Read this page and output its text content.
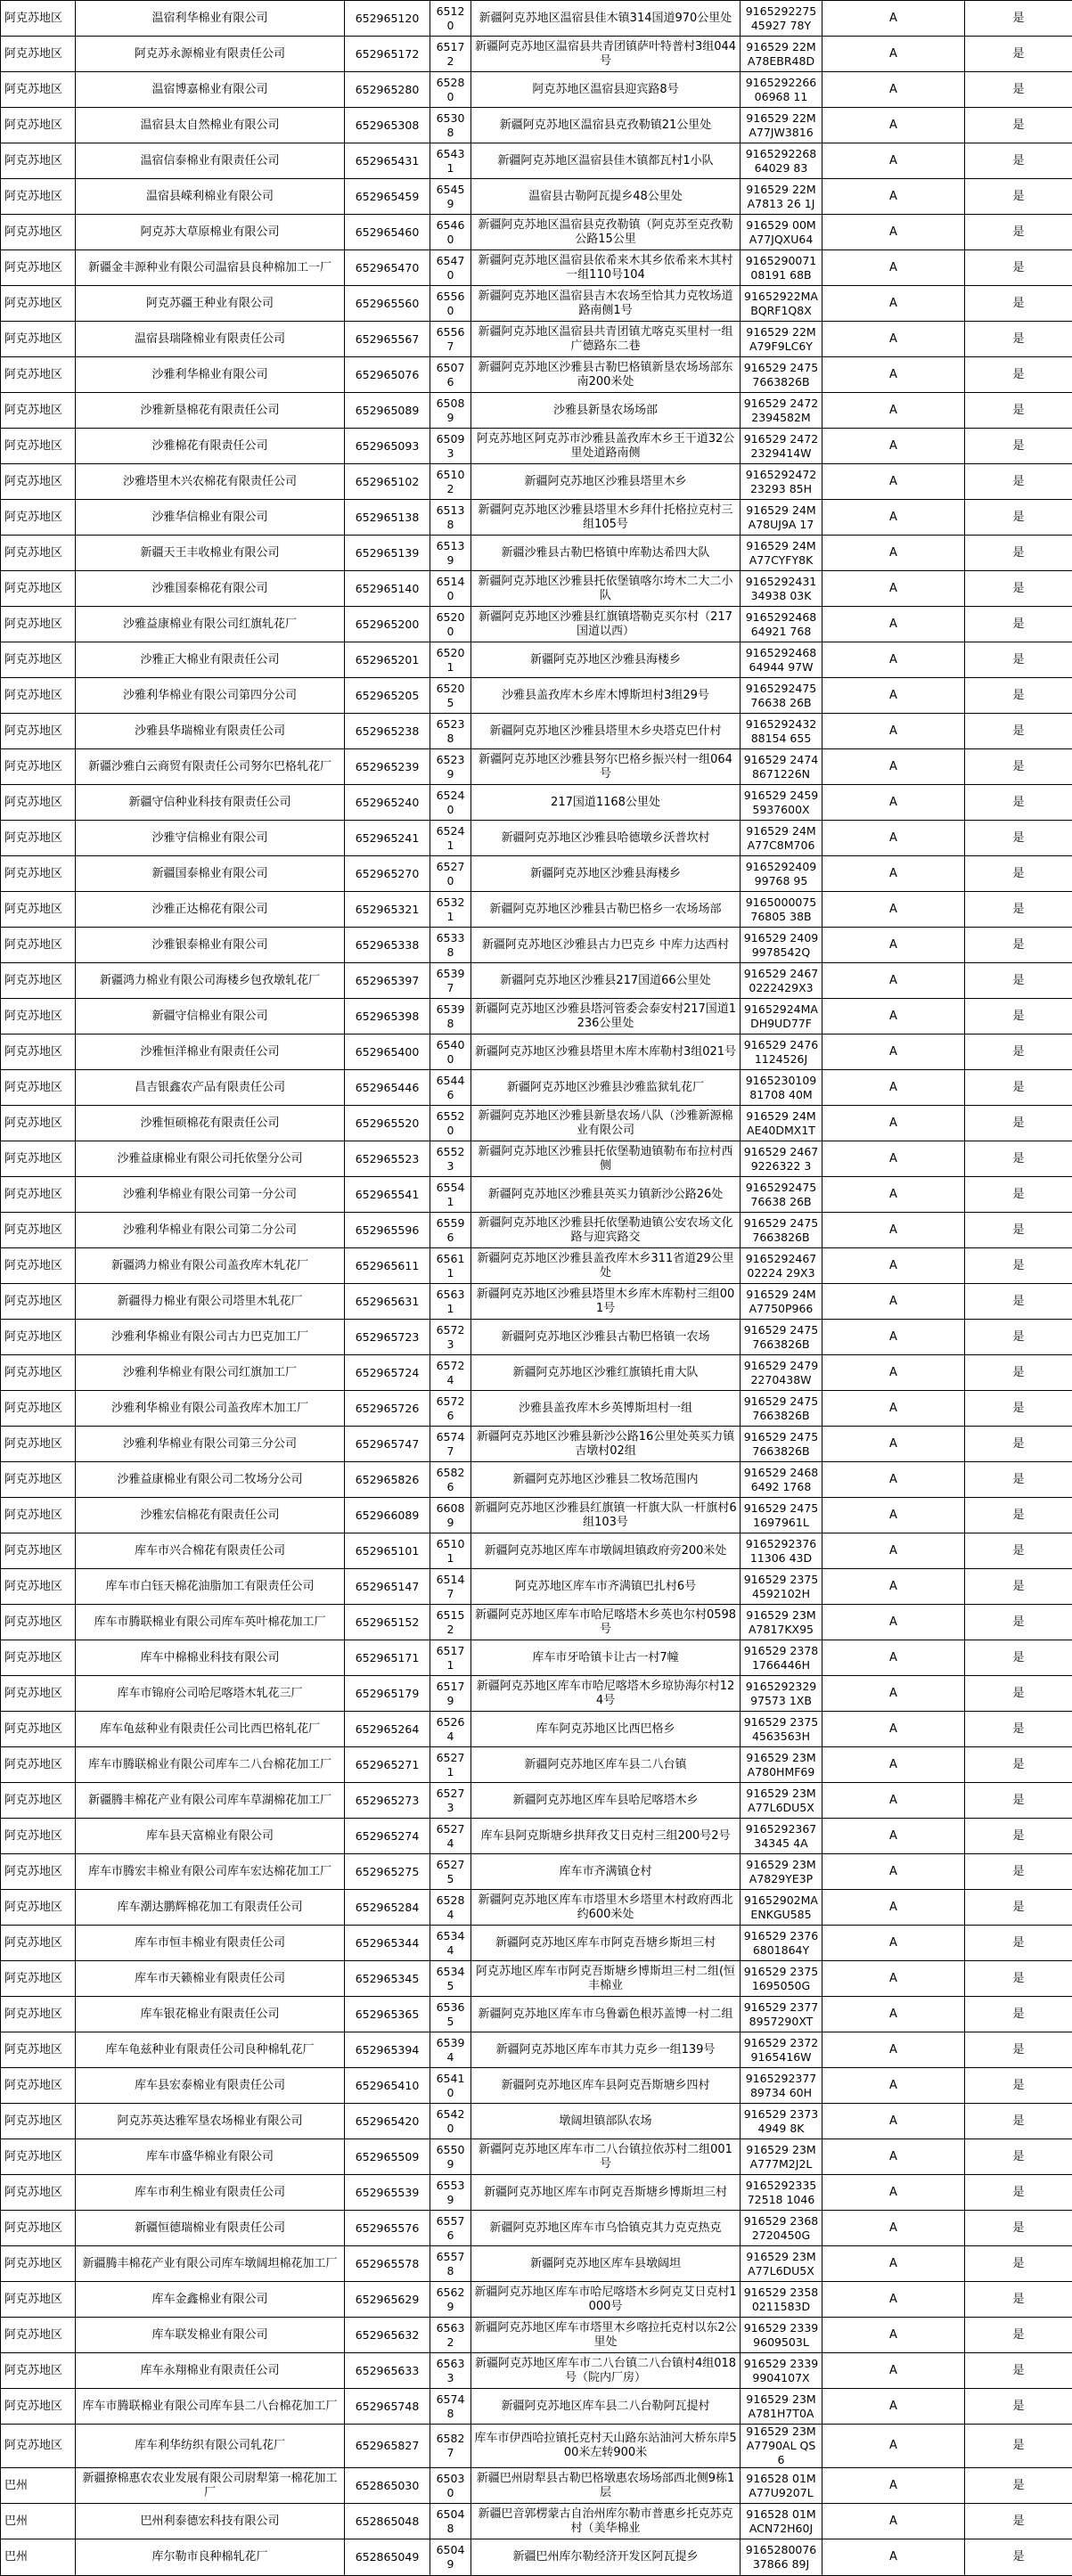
阿克苏地区	温宿利华棉业有限公司	652965120	65120	新疆阿克苏地区温宿县佳木镇314国道970公里处	916529227545927 78Y	A	是
阿克苏地区	阿克苏永源棉业有限责任公司	652965172	65172	新疆阿克苏地区温宿县共青团镇萨叶特普村3组044号	916529 22MA78EBR48D	A	是
阿克苏地区	温宿博嘉棉业有限公司	652965280	65280	阿克苏地区温宿县迎宾路8号	916529226606968 11	A	是
阿克苏地区	温宿县太自然棉业有限公司	652965308	65308	新疆阿克苏地区温宿县克孜勒镇21公里处	916529 22MA77JW3816	A	是
阿克苏地区	温宿信泰棉业有限责任公司	652965431	65431	新疆阿克苏地区温宿县佳木镇都瓦村1小队	916529226864029 83	A	是
阿克苏地区	温宿县嵘利棉业有限公司	652965459	65459	温宿县古勒阿瓦提乡48公里处	916529 22MA7813 26 1J	A	是
阿克苏地区	阿克苏大草原棉业有限公司	652965460	65460	新疆阿克苏地区温宿县克孜勒镇（阿克苏至克孜勒公路15公里	916529 00MA77JQXU64	A	是
阿克苏地区	新疆金丰源种业有限公司温宿县良种棉加工一厂	652965470	65470	新疆阿克苏地区温宿县依希来木其乡依希来木其村一组110号104	916529007108191 68B	A	是
阿克苏地区	阿克苏疆王种业有限公司	652965560	65560	新疆阿克苏地区温宿县吉木农场至恰其力克牧场道路南侧1号	91652922MABQRF1Q8X	A	是
阿克苏地区	温宿县瑞隆棉业有限责任公司	652965567	65567	新疆阿克苏地区温宿县共青团镇尤喀克买里村一组广德路东二巷	916529 22MA79F9LC6Y	A	是
阿克苏地区	沙雅利华棉业有限公司	652965076	65076	新疆阿克苏地区沙雅县古勒巴格镇新垦农场场部东南200米处	916529 24757663826B	A	是
阿克苏地区	沙雅新垦棉花有限责任公司	652965089	65089	沙雅县新垦农场场部	916529 24722394582M	A	是
阿克苏地区	沙雅棉花有限责任公司	652965093	65093	阿克苏地区阿克苏市沙雅县盖孜库木乡王干道32公里处道路南侧	916529 24722329414W	A	是
阿克苏地区	沙雅塔里木兴农棉花有限责任公司	652965102	65102	新疆阿克苏地区沙雅县塔里木乡	916529247223293 85H	A	是
阿克苏地区	沙雅华信棉业有限公司	652965138	65138	新疆阿克苏地区沙雅县塔里木乡拜什托格拉克村三组105号	916529 24MA78UJ9A 17	A	是
阿克苏地区	新疆天王丰收棉业有限公司	652965139	65139	新疆沙雅县古勒巴格镇中库勒达希四大队	916529 24MA77CYFY8K	A	是
阿克苏地区	沙雅国泰棉花有限公司	652965140	65140	新疆阿克苏地区沙雅县托依堡镇喀尔垮木二大二小队	916529243134938 03K	A	是
阿克苏地区	沙雅益康棉业有限公司红旗轧花厂	652965200	65200	新疆阿克苏地区沙雅县红旗镇塔勒克买尔村（217国道以西）	916529246864921 768	A	是
阿克苏地区	沙雅正大棉业有限责任公司	652965201	65201	新疆阿克苏地区沙雅县海楼乡	916529246864944 97W	A	是
阿克苏地区	沙雅利华棉业有限公司第四分公司	652965205	65205	沙雅县盖孜库木乡库木博斯坦村3组29号	916529247576638 26B	A	是
阿克苏地区	沙雅县华瑞棉业有限责任公司	652965238	65238	新疆阿克苏地区沙雅县塔里木乡央塔克巴什村	916529243288154 655	A	是
阿克苏地区	新疆沙雅白云商贸有限责任公司努尔巴格轧花厂	652965239	65239	新疆阿克苏地区沙雅县努尔巴格乡振兴村一组064号	916529 24748671226N	A	是
阿克苏地区	新疆守信种业科技有限责任公司	652965240	65240	217国道1168公里处	916529 24595937600X	A	是
阿克苏地区	沙雅守信棉业有限公司	652965241	65241	新疆阿克苏地区沙雅县哈德墩乡沃普坎村	916529 24MA77C8M706	A	是
阿克苏地区	新疆国泰棉业有限公司	652965270	65270	新疆阿克苏地区沙雅县海楼乡	916529240999768 95	A	是
阿克苏地区	沙雅正达棉花有限公司	652965321	65321	新疆阿克苏地区沙雅县古勒巴格乡一农场场部	916500007576805 38B	A	是
阿克苏地区	沙雅银泰棉业有限公司	652965338	65338	新疆阿克苏地区沙雅县古力巴克乡 中库力达西村	916529 24099978542Q	A	是
阿克苏地区	新疆鸿力棉业有限公司海楼乡包孜墩轧花厂	652965397	65397	新疆阿克苏地区沙雅县217国道66公里处	916529 24670222429X3	A	是
阿克苏地区	新疆守信棉业有限公司	652965398	65398	新疆阿克苏地区沙雅县塔河管委会泰安村217国道1236公里处	91652924MADH9UD77F	A	是
阿克苏地区	沙雅恒洋棉业有限责任公司	652965400	65400	新疆阿克苏地区沙雅县塔里木库木库勒村3组021号	916529 24761124526J	A	是
阿克苏地区	昌吉银鑫农产品有限责任公司	652965446	65446	新疆阿克苏地区沙雅县沙雅监狱轧花厂	916523010981708 40M	A	是
阿克苏地区	沙雅恒硕棉花有限责任公司	652965520	65520	新疆阿克苏地区沙雅县新垦农场八队（沙雅新源棉业有限公司	916529 24MAE40DMX1T	A	是
阿克苏地区	沙雅益康棉业有限公司托依堡分公司	652965523	65523	新疆阿克苏地区沙雅县托依堡勒迪镇勒布布拉村西侧	916529 24679226322 3	A	是
阿克苏地区	沙雅利华棉业有限公司第一分公司	652965541	65541	新疆阿克苏地区沙雅县英买力镇新沙公路26处	916529247576638 26B	A	是
阿克苏地区	沙雅利华棉业有限公司第二分公司	652965596	65596	新疆阿克苏地区沙雅县托依堡勒迪镇公安农场文化路与迎宾路交	916529 24757663826B	A	是
阿克苏地区	新疆鸿力棉业有限公司盖孜库木轧花厂	652965611	65611	新疆阿克苏地区沙雅县盖孜库木乡311省道29公里处	916529246702224 29X3	A	是
阿克苏地区	新疆得力棉业有限公司塔里木轧花厂	652965631	65631	新疆阿克苏地区沙雅县塔里木乡库木库勒村三组001号	916529 24MA7750P966	A	是
阿克苏地区	沙雅利华棉业有限公司古力巴克加工厂	652965723	65723	新疆阿克苏地区沙雅县古勒巴格镇一农场	916529 24757663826B	A	是
阿克苏地区	沙雅利华棉业有限公司红旗加工厂	652965724	65724	新疆阿克苏地区沙雅红旗镇托甫大队	916529 24792270438W	A	是
阿克苏地区	沙雅利华棉业有限公司盖孜库木加工厂	652965726	65726	沙雅县盖孜库木乡英博斯坦村一组	916529 24757663826B	A	是
阿克苏地区	沙雅利华棉业有限公司第三分公司	652965747	65747	新疆阿克苏地区沙雅县新沙公路16公里处英买力镇吉墩村02组	916529 24757663826B	A	是
阿克苏地区	沙雅益康棉业有限公司二牧场分公司	652965826	65826	新疆阿克苏地区沙雅县二牧场范围内	916529 24686492 1768	A	是
阿克苏地区	沙雅宏信棉花有限责任公司	652966089	66089	新疆阿克苏地区沙雅县红旗镇一杆旗大队一杆旗村6组103号	916529 24751697961L	A	是
阿克苏地区	库车市兴合棉花有限责任公司	652965101	65101	新疆阿克苏地区库车市墩阔坦镇政府旁200米处	916529237611306 43D	A	是
阿克苏地区	库车市白钰天棉花油脂加工有限责任公司	652965147	65147	阿克苏地区库车市齐满镇巴扎村6号	916529 23754592102H	A	是
阿克苏地区	库车市腾联棉业有限公司库车英叶棉花加工厂	652965152	65152	新疆阿克苏地区库车市哈尼喀塔木乡英也尔村0598号	916529 23MA7817KX95	A	是
阿克苏地区	库车中棉棉业科技有限公司	652965171	65171	库车市牙哈镇卡让古一村7幢	916529 23781766446H	A	是
阿克苏地区	库车市锦府公司哈尼喀塔木轧花三厂	652965179	65179	新疆阿克苏地区库车市哈尼喀塔木乡琼协海尔村124号	916529232997573 1XB	A	是
阿克苏地区	库车龟兹种业有限责任公司比西巴格轧花厂	652965264	65264	库车阿克苏地区比西巴格乡	916529 23754563563H	A	是
阿克苏地区	库车市腾联棉业有限公司库车二八台棉花加工厂	652965271	65271	新疆阿克苏地区库车县二八台镇	916529 23MA780HMF69	A	是
阿克苏地区	新疆腾丰棉花产业有限公司库车草湖棉花加工厂	652965273	65273	新疆阿克苏地区库车县哈尼喀塔木乡	916529 23MA77L6DU5X	A	是
阿克苏地区	库车县天富棉业有限公司	652965274	65274	库车县阿克斯塘乡拱拜孜艾日克村三组200号2号	916529236734345 4A	A	是
阿克苏地区	库车市腾宏丰棉业有限公司库车宏达棉花加工厂	652965275	65275	库车市齐满镇仓村	916529 23MA7829YE3P	A	是
阿克苏地区	库车潮达鹏辉棉花加工有限责任公司	652965284	65284	新疆阿克苏地区库车市塔里木乡塔里木村政府西北约600米处	91652902MAENKGU585	A	是
阿克苏地区	库车市恒丰棉业有限责任公司	652965344	65344	新疆阿克苏地区库车市阿克吾塘乡斯坦三村	916529 23766801864Y	A	是
阿克苏地区	库车市天籁棉业有限责任公司	652965345	65345	阿克苏地区库车市阿克吾斯塘乡博斯坦三村二组(恒丰棉业	916529 23751695050G	A	是
阿克苏地区	库车银花棉业有限责任公司	652965365	65365	新疆阿克苏地区库车市乌鲁霸色根苏盖博一村二组	916529 23778957290XT	A	是
阿克苏地区	库车龟兹种业有限责任公司良种棉轧花厂	652965394	65394	新疆阿克苏地区库车市其力克乡一组139号	916529 23729165416W	A	是
阿克苏地区	库车县宏泰棉业有限责任公司	652965410	65410	新疆阿克苏地区库车县阿克吾斯塘乡四村	916529237789734 60H	A	是
阿克苏地区	阿克苏英达雅军垦农场棉业有限公司	652965420	65420	墩阔坦镇部队农场	916529 23734949 8K	A	是
阿克苏地区	库车市盛华棉业有限公司	652965509	65509	新疆阿克苏地区库车市二八台镇拉依苏村二组001号	916529 23MA777M2J2L	A	是
阿克苏地区	库车市利生棉业有限责任公司	652965539	65539	新疆阿克苏地区库车市阿克吾斯塘乡博斯坦三村	916529233572518 1046	A	是
阿克苏地区	新疆恒德瑞棉业有限责任公司	652965576	65576	新疆阿克苏地区库车市乌恰镇克其力克克热克	916529 23682720450G	A	是
阿克苏地区	新疆腾丰棉花产业有限公司库车墩阔坦棉花加工厂	652965578	65578	新疆阿克苏地区库车县墩阔坦	916529 23MA77L6DU5X	A	是
阿克苏地区	库车金鑫棉业有限公司	652965629	65629	新疆阿克苏地区库车市哈尼喀塔木乡阿克艾日克村1000号	916529 23580211583D	A	是
阿克苏地区	库车联发棉业有限公司	652965632	65632	新疆阿克苏地区库车市塔里木乡喀拉托克村以东2公里处	916529 23399609503L	A	是
阿克苏地区	库车永翔棉业有限责任公司	652965633	65633	新疆阿克苏地区库车市二八台镇二八台镇村4组018号（院内厂房）	916529 23399904107X	A	是
阿克苏地区	库车市腾联棉业有限公司库车县二八台棉花加工厂	652965748	65748	新疆阿克苏地区库车县二八台勒阿瓦提村	916529 23MA781H7T0A	A	是
阿克苏地区	库车利华纺织有限公司轧花厂	652965827	65827	库车市伊西哈拉镇托克村天山路东站油河大桥东岸500米左转900米	916529 23MA7790AL QS6	A	是
巴州	新疆撩棉惠农农业发展有限公司尉犁第一棉花加工厂	652865030	65030	新疆巴州尉犁县古勒巴格墩惠农场场部西北侧9栋1层	916528 01MA77U9207L	A	是
巴州	巴州利泰德宏科技有限公司	652865048	65048	新疆巴音郭楞蒙古自治州库尔勒市普惠乡托克苏克村（美华棉业	916528 01MACN72H60J	A	是
巴州	库尔勒市良种棉轧花厂	652865049	65049	新疆巴州库尔勒经济开发区阿瓦提乡	916528007637866 89J	A	是
